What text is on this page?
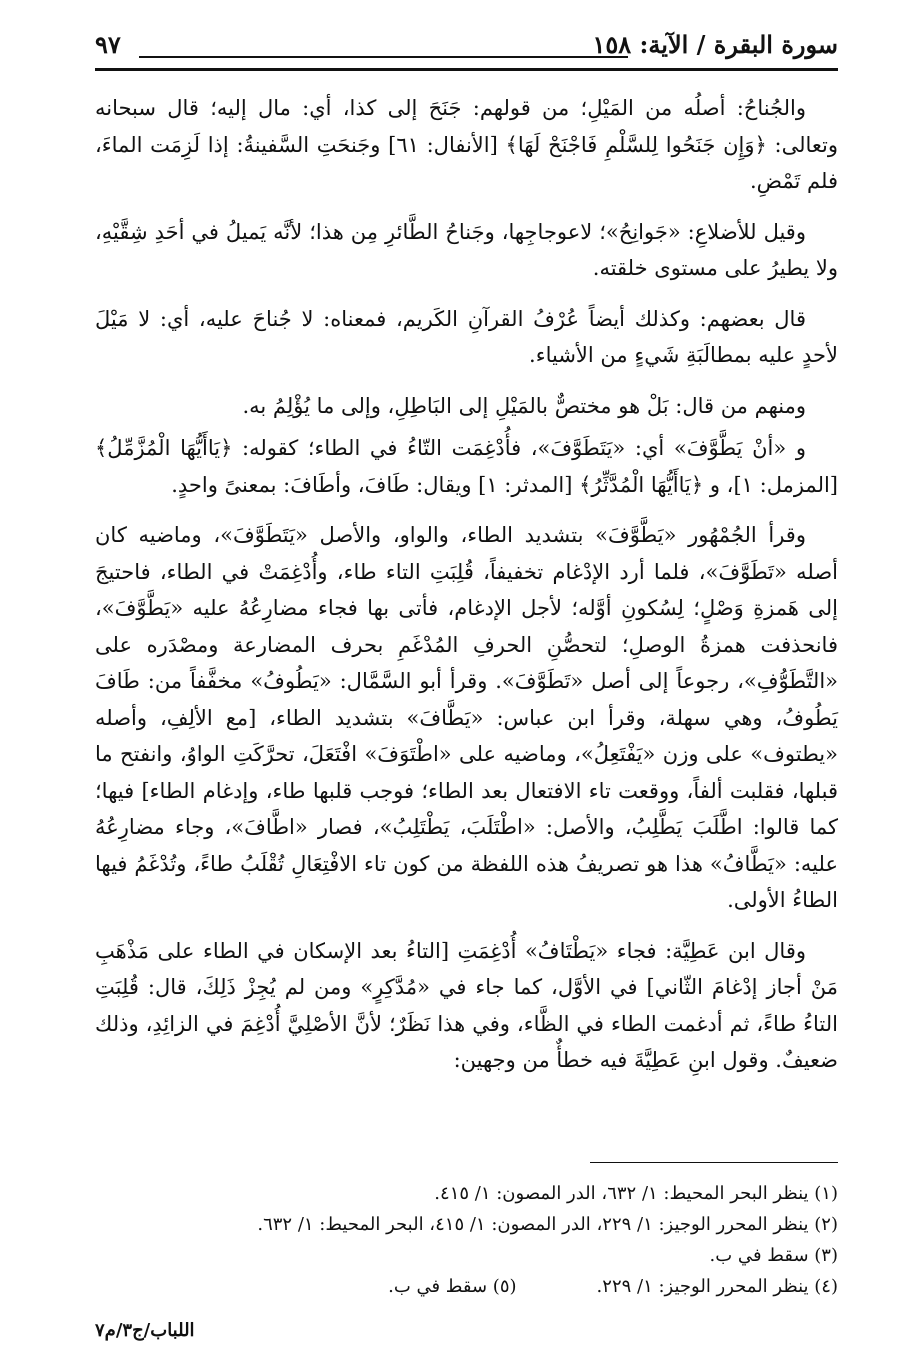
سورة البقرة / الآية: ١٥٨
٩٧

والجُناحُ: أصلُه من المَيْلِ؛ من قولهم: جَنَحَ إلى كذا، أي: مال إليه؛ قال سبحانه وتعالى: ﴿وَإِن جَنَحُوا لِلسَّلْمِ فَاجْنَحْ لَهَا﴾ [الأنفال: ٦١] وجَنحَتِ السَّفينةُ: إذا لَزِمَت الماءَ، فلم تَمْضِ.

وقيل للأضلاعِ: «جَوانِحُ»؛ لاعوجاجِها، وجَناحُ الطَّائرِ مِن هذا؛ لأنَّه يَميلُ في أحَدِ شِقَّيْهِ، ولا يطيرُ على مستوى خلقته.

قال بعضهم: وكذلك أيضاً عُرْفُ القرآنِ الكَريم، فمعناه: لا جُناحَ عليه، أي: لا مَيْلَ لأحدٍ عليه بمطالَبَةِ شَيءٍ من الأشياء.

ومنهم من قال: بَلْ هو مختصٌّ بالمَيْلِ إلى البَاطِلِ، وإلى ما يُؤْلِمُ به.

و «أنْ يَطَّوَّفَ» أي: «يَتَطَوَّفَ»، فأُدْغِمَت التّاءُ في الطاء؛ كقوله: ﴿يَاأَيُّهَا الْمُزَّمِّلُ﴾ [المزمل: ١]، و ﴿يَاأَيُّهَا الْمُدَّثِّرُ﴾ [المدثر: ١] ويقال: طَافَ، وأطَافَ: بمعنىً واحدٍ.

وقرأ الجُمْهُور «يَطَّوَّفَ» بتشديد الطاء، والواو، والأصل «يَتَطَوَّفَ»، وماضيه كان أصله «تَطَوَّفَ»، فلما أرد الإدْغام تخفيفاً، قُلِبَتِ التاء طاء، وأُدْغِمَتْ في الطاء، فاحتيجَ إلى هَمزةِ وَصْلٍ؛ لِسُكونِ أوَّله؛ لأجل الإدغام، فأتى بها فجاء مضارِعُهُ عليه «يَطَّوَّفَ»، فانحذفت همزةُ الوصلِ؛ لتحصُّنِ الحرفِ المُدْغَمِ بحرف المضارعة ومصْدَره على «التَّطَوُّفِ»، رجوعاً إلى أصل «تَطَوَّفَ». وقرأ أبو السَّمَّال: «يَطُوفُ» مخفَّفاً من: طَافَ يَطُوفُ، وهي سهلة، وقرأ ابن عباس: «يَطَّافَ» بتشديد الطاء، [مع الألِفِ، وأصله «يطتوف» على وزن «يَفْتَعِلُ»، وماضيه على «اطْتَوَفَ» افْتَعَلَ، تحرَّكَتِ الواوُ، وانفتح ما قبلها، فقلبت ألفاً، ووقعت تاء الافتعال بعد الطاء؛ فوجب قلبها طاء، وإدغام الطاء] فيها؛ كما قالوا: اطَّلَبَ يَطَّلِبُ، والأصل: «اطْتَلَبَ، يَطْتَلِبُ»، فصار «اطَّافَ»، وجاء مضارِعُهُ عليه: «يَطَّافُ» هذا هو تصريفُ هذه اللفظة من كون تاء الافْتِعَالِ تُقْلَبُ طاءً، وتُدْغَمُ فيها الطاءُ الأولى.

وقال ابن عَطِيَّة: فجاء «يَطْتَافُ» أُدْغِمَتِ [التاءُ بعد الإسكان في الطاء على مَذْهَبِ مَنْ أجاز إدْغامَ الثّاني] في الأوَّل، كما جاء في «مُدَّكِرٍ» ومن لم يُجِزْ ذَلِكَ، قال: قُلِبَتِ التاءُ طاءً، ثم أدغمت الطاء في الظَّاء، وفي هذا نَظَرٌ؛ لأنَّ الأصْلِيَّ أُدْغِمَ في الزائِدِ، وذلك ضعيفٌ. وقول ابنِ عَطِيَّةَ فيه خطأٌ من وجهين:

(١) ينظر البحر المحيط: ١/ ٦٣٢، الدر المصون: ١/ ٤١٥.

(٢) ينظر المحرر الوجيز: ١/ ٢٢٩، الدر المصون: ١/ ٤١٥، البحر المحيط: ١/ ٦٣٢.

(٣) سقط في ب.

(٤) ينظر المحرر الوجيز: ١/ ٢٢٩.
(٥) سقط في ب.
اللباب/ج٣/م٧
